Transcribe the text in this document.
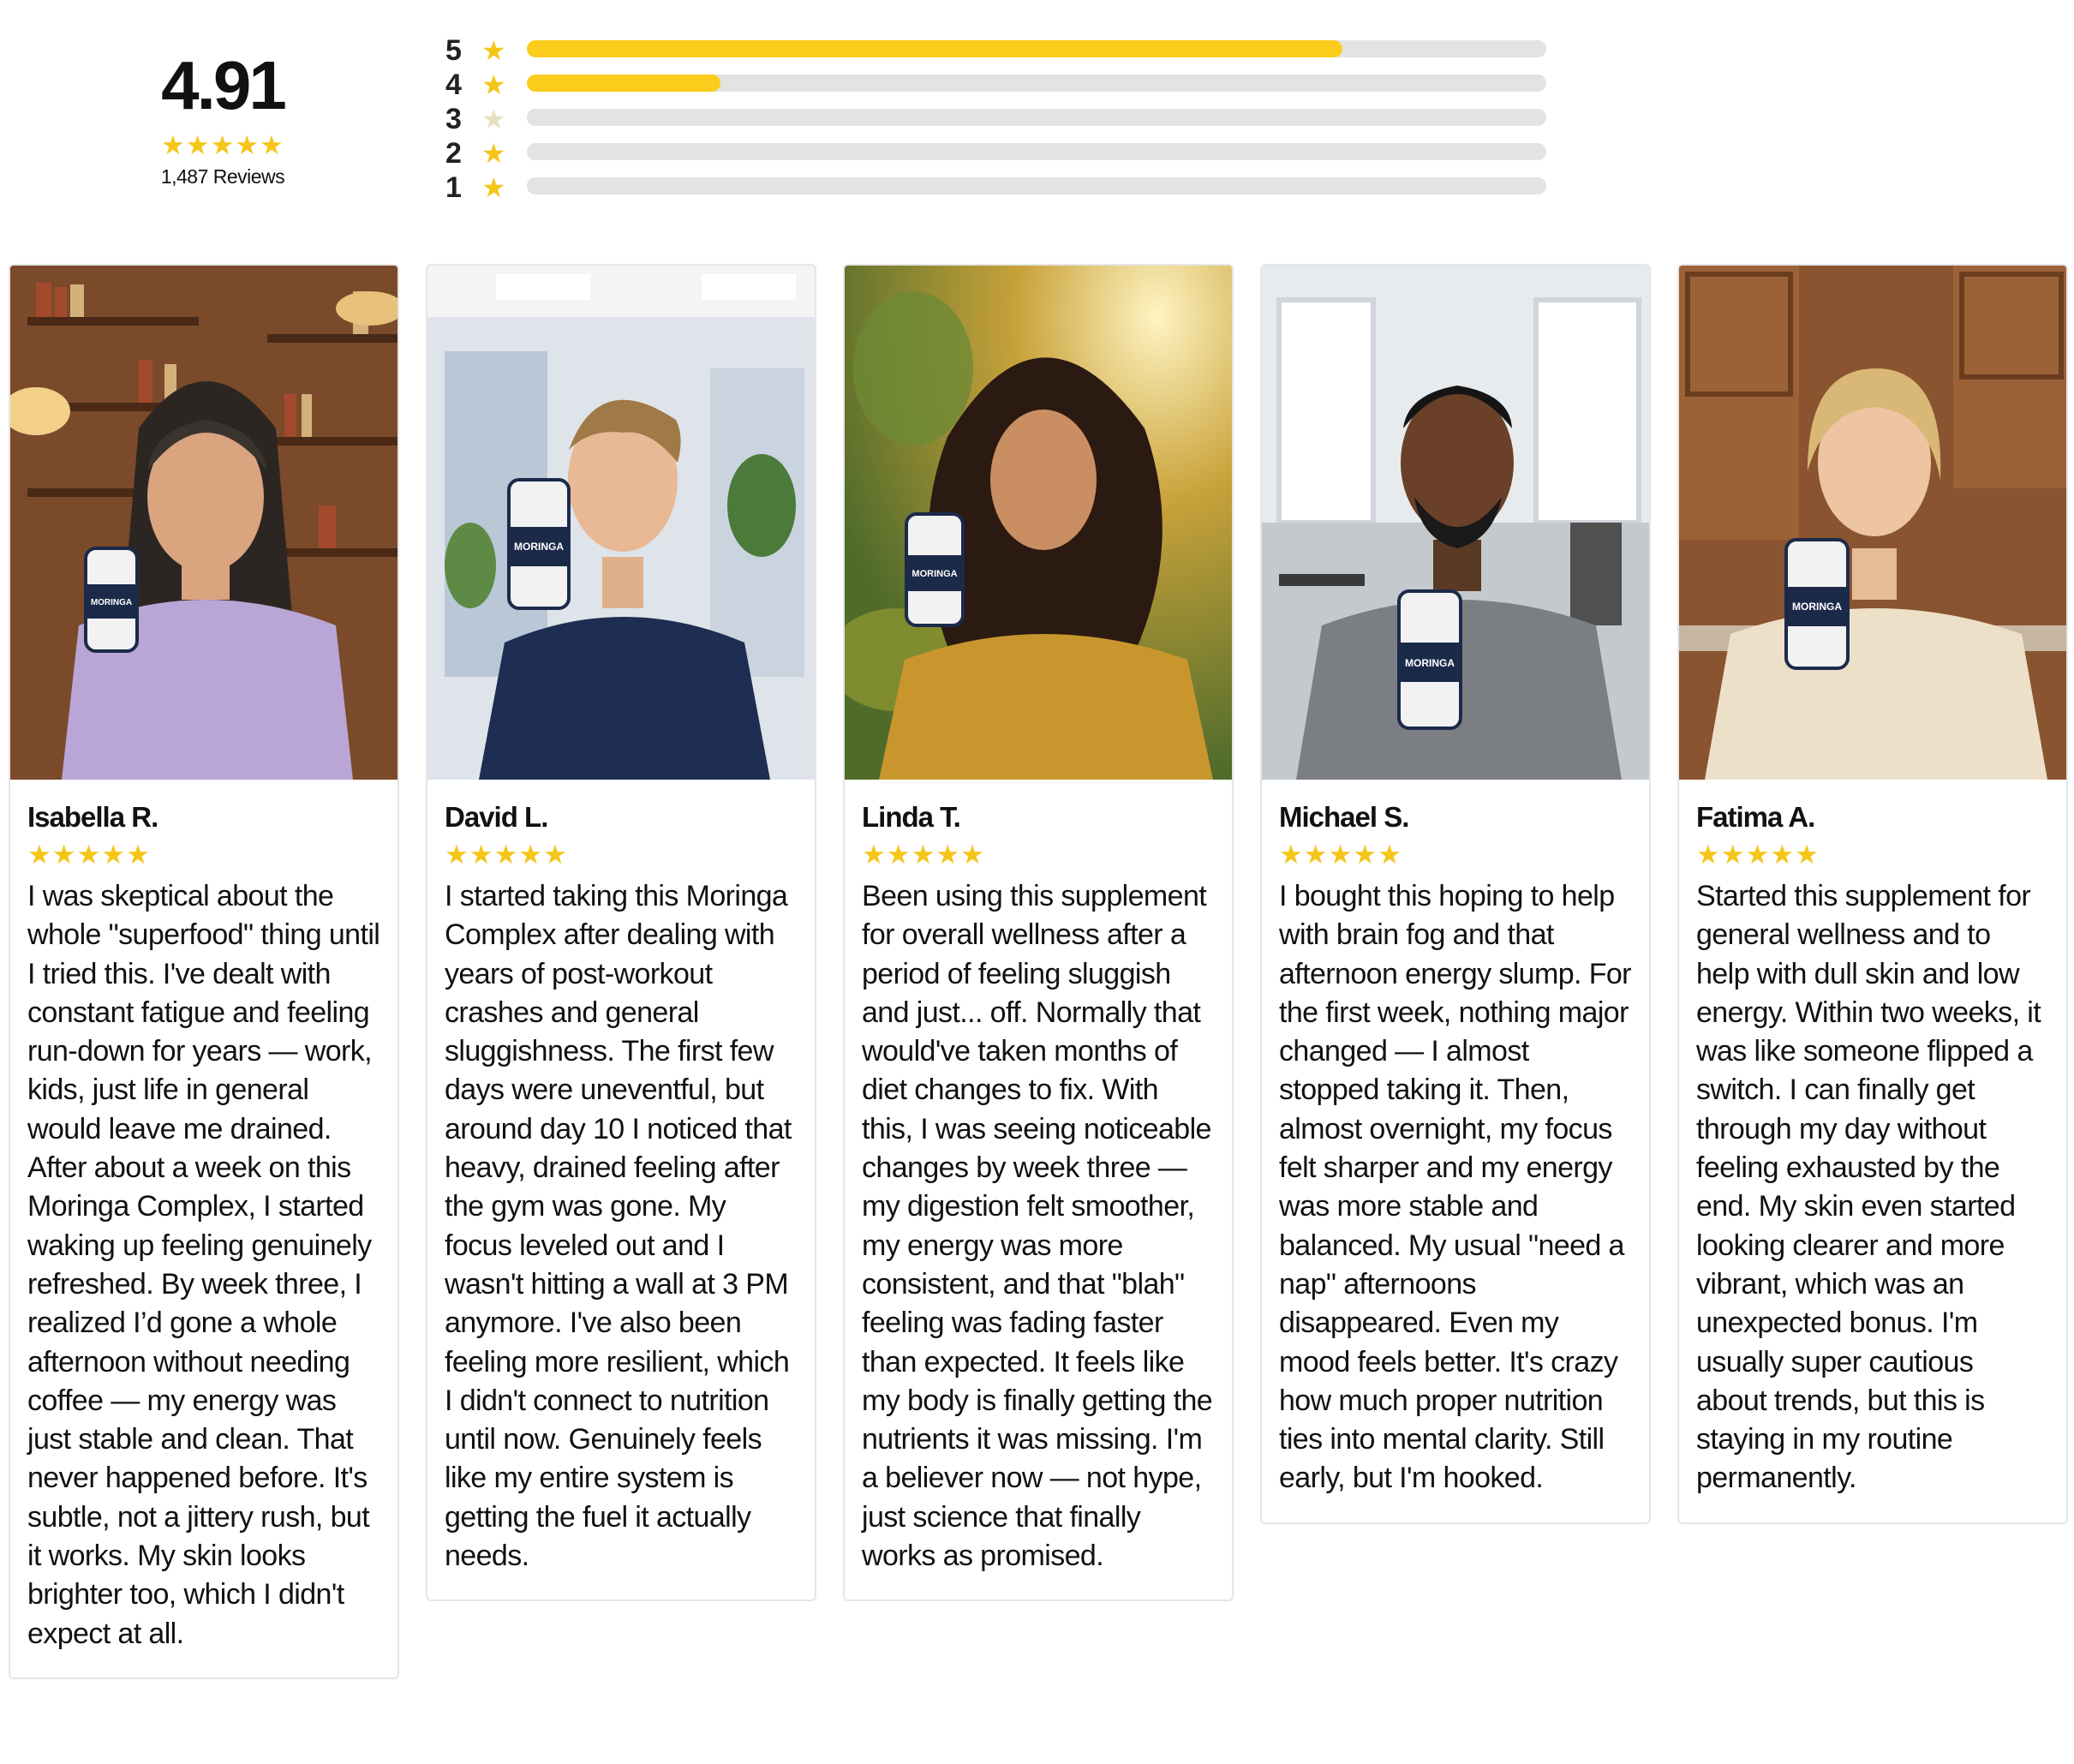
4.91
★★★★★
1,487 Reviews
5 ★
4 ★
3 ★
2 ★
1 ★
MORINGA
Isabella R.
★★★★★
I was skeptical about the whole "superfood" thing until I tried this. I've dealt with constant fatigue and feeling run-down for years — work, kids, just life in general would leave me drained. After about a week on this Moringa Complex, I started waking up feeling genuinely refreshed. By week three, I realized I’d gone a whole afternoon without needing coffee — my energy was just stable and clean. That never happened before. It's subtle, not a jittery rush, but it works. My skin looks brighter too, which I didn't expect at all.
MORINGA
David L.
★★★★★
I started taking this Moringa Complex after dealing with years of post-workout crashes and general sluggishness. The first few days were uneventful, but around day 10 I noticed that heavy, drained feeling after the gym was gone. My focus leveled out and I wasn't hitting a wall at 3 PM anymore. I've also been feeling more resilient, which I didn't connect to nutrition until now. Genuinely feels like my entire system is getting the fuel it actually needs.
MORINGA
Linda T.
★★★★★
Been using this supplement for overall wellness after a period of feeling sluggish and just... off. Normally that would've taken months of diet changes to fix. With this, I was seeing noticeable changes by week three — my digestion felt smoother, my energy was more consistent, and that "blah" feeling was fading faster than expected. It feels like my body is finally getting the nutrients it was missing. I'm a believer now — not hype, just science that finally works as promised.
MORINGA
Michael S.
★★★★★
I bought this hoping to help with brain fog and that afternoon energy slump. For the first week, nothing major changed — I almost stopped taking it. Then, almost overnight, my focus felt sharper and my energy was more stable and balanced. My usual "need a nap" afternoons disappeared. Even my mood feels better. It's crazy how much proper nutrition ties into mental clarity. Still early, but I'm hooked.
MORINGA
Fatima A.
★★★★★
Started this supplement for general wellness and to help with dull skin and low energy. Within two weeks, it was like someone flipped a switch. I can finally get through my day without feeling exhausted by the end. My skin even started looking clearer and more vibrant, which was an unexpected bonus. I'm usually super cautious about trends, but this is staying in my routine permanently.
